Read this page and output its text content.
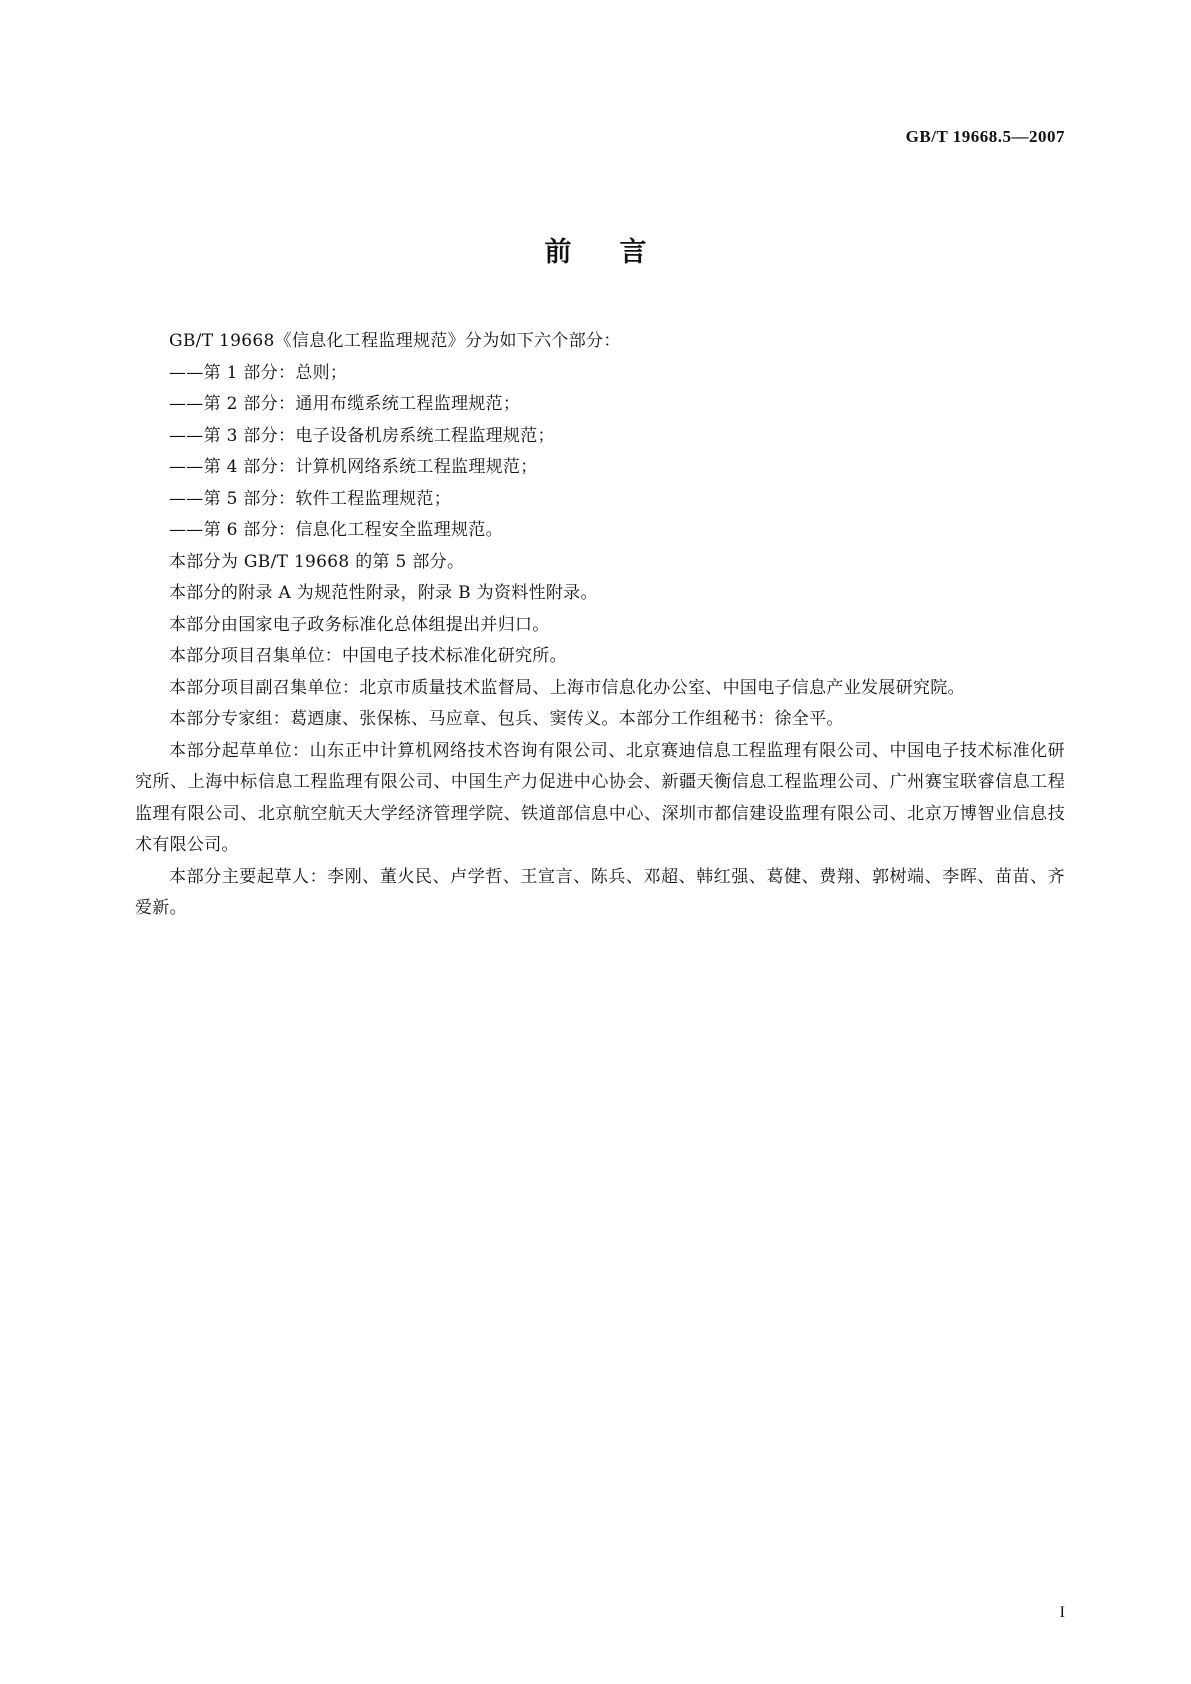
GB/T 19668.5—2007

前言

GB/T 19668《信息化工程监理规范》分为如下六个部分：

——第 1 部分：总则；

——第 2 部分：通用布缆系统工程监理规范；

——第 3 部分：电子设备机房系统工程监理规范；

——第 4 部分：计算机网络系统工程监理规范；

——第 5 部分：软件工程监理规范；

——第 6 部分：信息化工程安全监理规范。

本部分为 GB/T 19668 的第 5 部分。

本部分的附录 A 为规范性附录，附录 B 为资料性附录。

本部分由国家电子政务标准化总体组提出并归口。

本部分项目召集单位：中国电子技术标准化研究所。

本部分项目副召集单位：北京市质量技术监督局、上海市信息化办公室、中国电子信息产业发展研究院。

本部分专家组：葛迺康、张保栋、马应章、包兵、窦传义。本部分工作组秘书：徐全平。

本部分起草单位：山东正中计算机网络技术咨询有限公司、北京赛迪信息工程监理有限公司、中国电子技术标准化研究所、上海中标信息工程监理有限公司、中国生产力促进中心协会、新疆天衡信息工程监理公司、广州赛宝联睿信息工程监理有限公司、北京航空航天大学经济管理学院、铁道部信息中心、深圳市都信建设监理有限公司、北京万博智业信息技术有限公司。

本部分主要起草人：李刚、董火民、卢学哲、王宣言、陈兵、邓超、韩红强、葛健、费翔、郭树端、李晖、苗苗、齐爱新。

I
